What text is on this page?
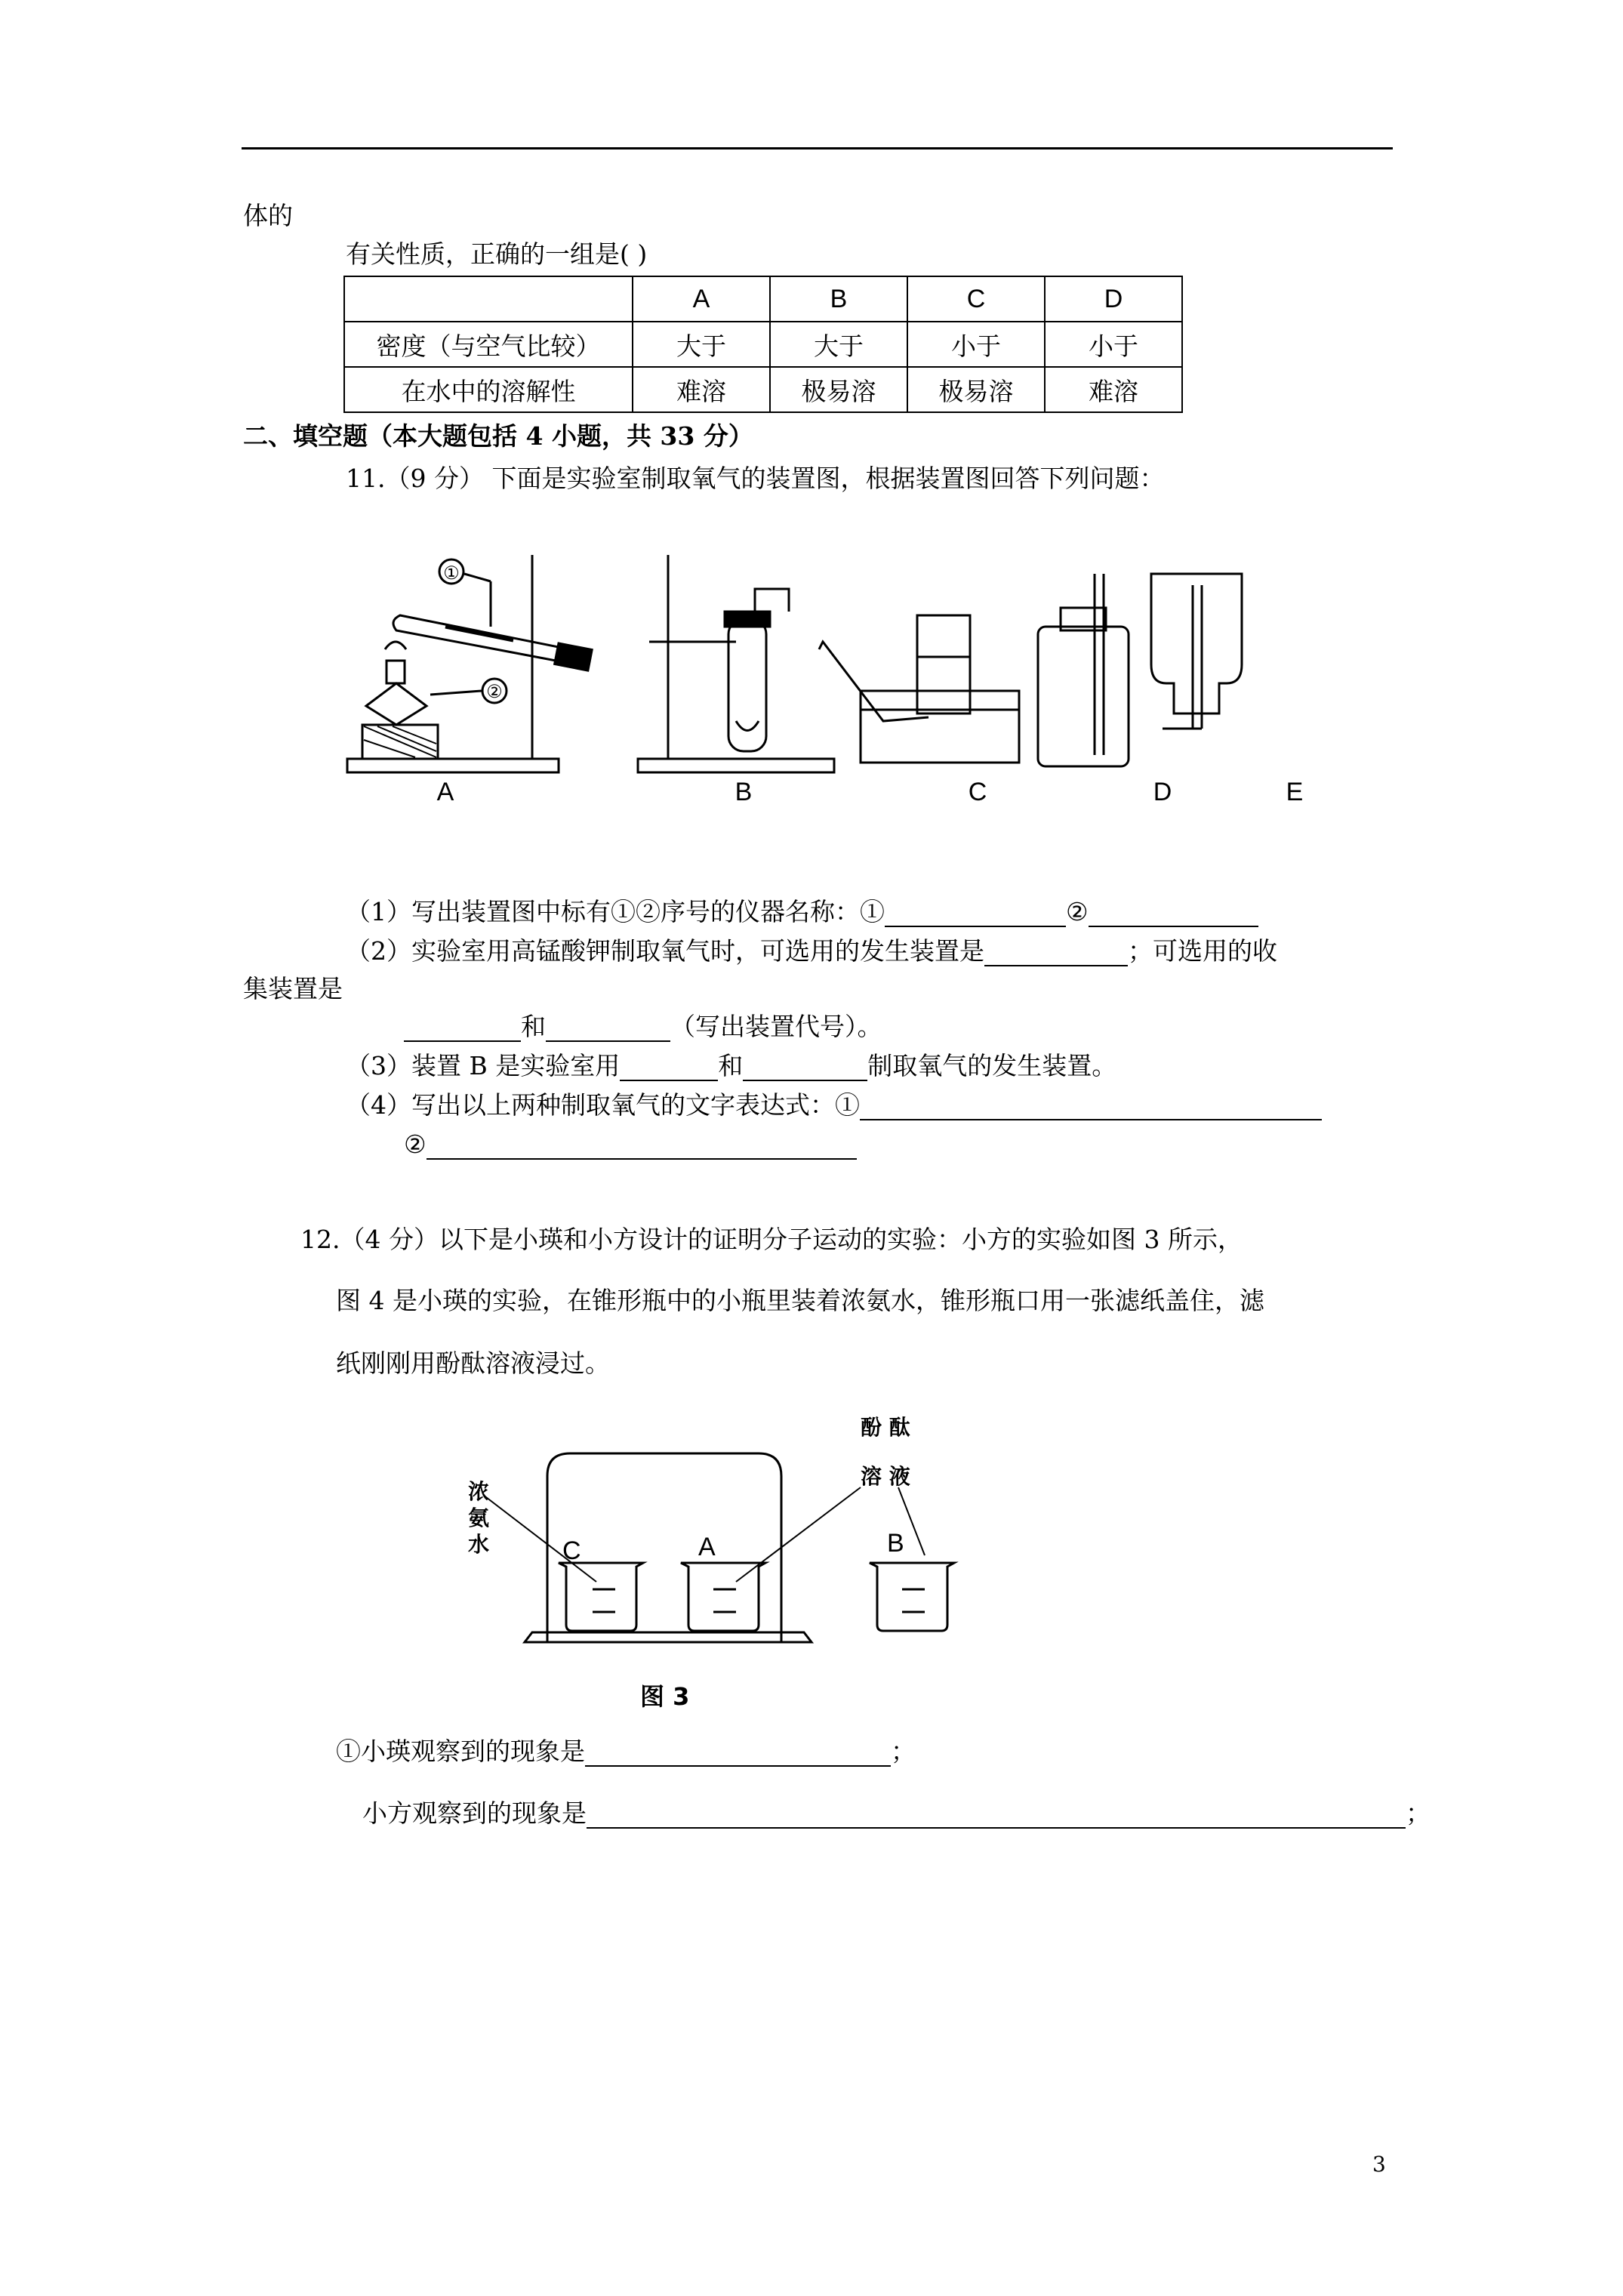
体的
有关性质，正确的一组是( )
	A	B	C	D
密度（与空气比较）	大于	大于	小于	小于
在水中的溶解性	难溶	极易溶	极易溶	难溶
二、填空题（本大题包括 4 小题，共 33 分）
11.（9 分） 下面是实验室制取氧气的装置图，根据装置图回答下列问题：
A	B	C	D	E
①
②
（1）写出装置图中标有①②序号的仪器名称：①	②
（2）实验室用高锰酸钾制取氧气时，可选用的发生装置是	；可选用的收
集装置是
和	（写出装置代号）。
（3）装置 B 是实验室用	和	制取氧气的发生装置。
（4）写出以上两种制取氧气的文字表达式：①
②
12.（4 分）以下是小瑛和小方设计的证明分子运动的实验：小方的实验如图 3 所示，
图 4 是小瑛的实验，在锥形瓶中的小瓶里装着浓氨水，锥形瓶口用一张滤纸盖住，滤
纸刚刚用酚酞溶液浸过。
浓
氨
水
酚 酞
溶 液
C	A	B
图 3
①小瑛观察到的现象是	；
小方观察到的现象是	；
3
